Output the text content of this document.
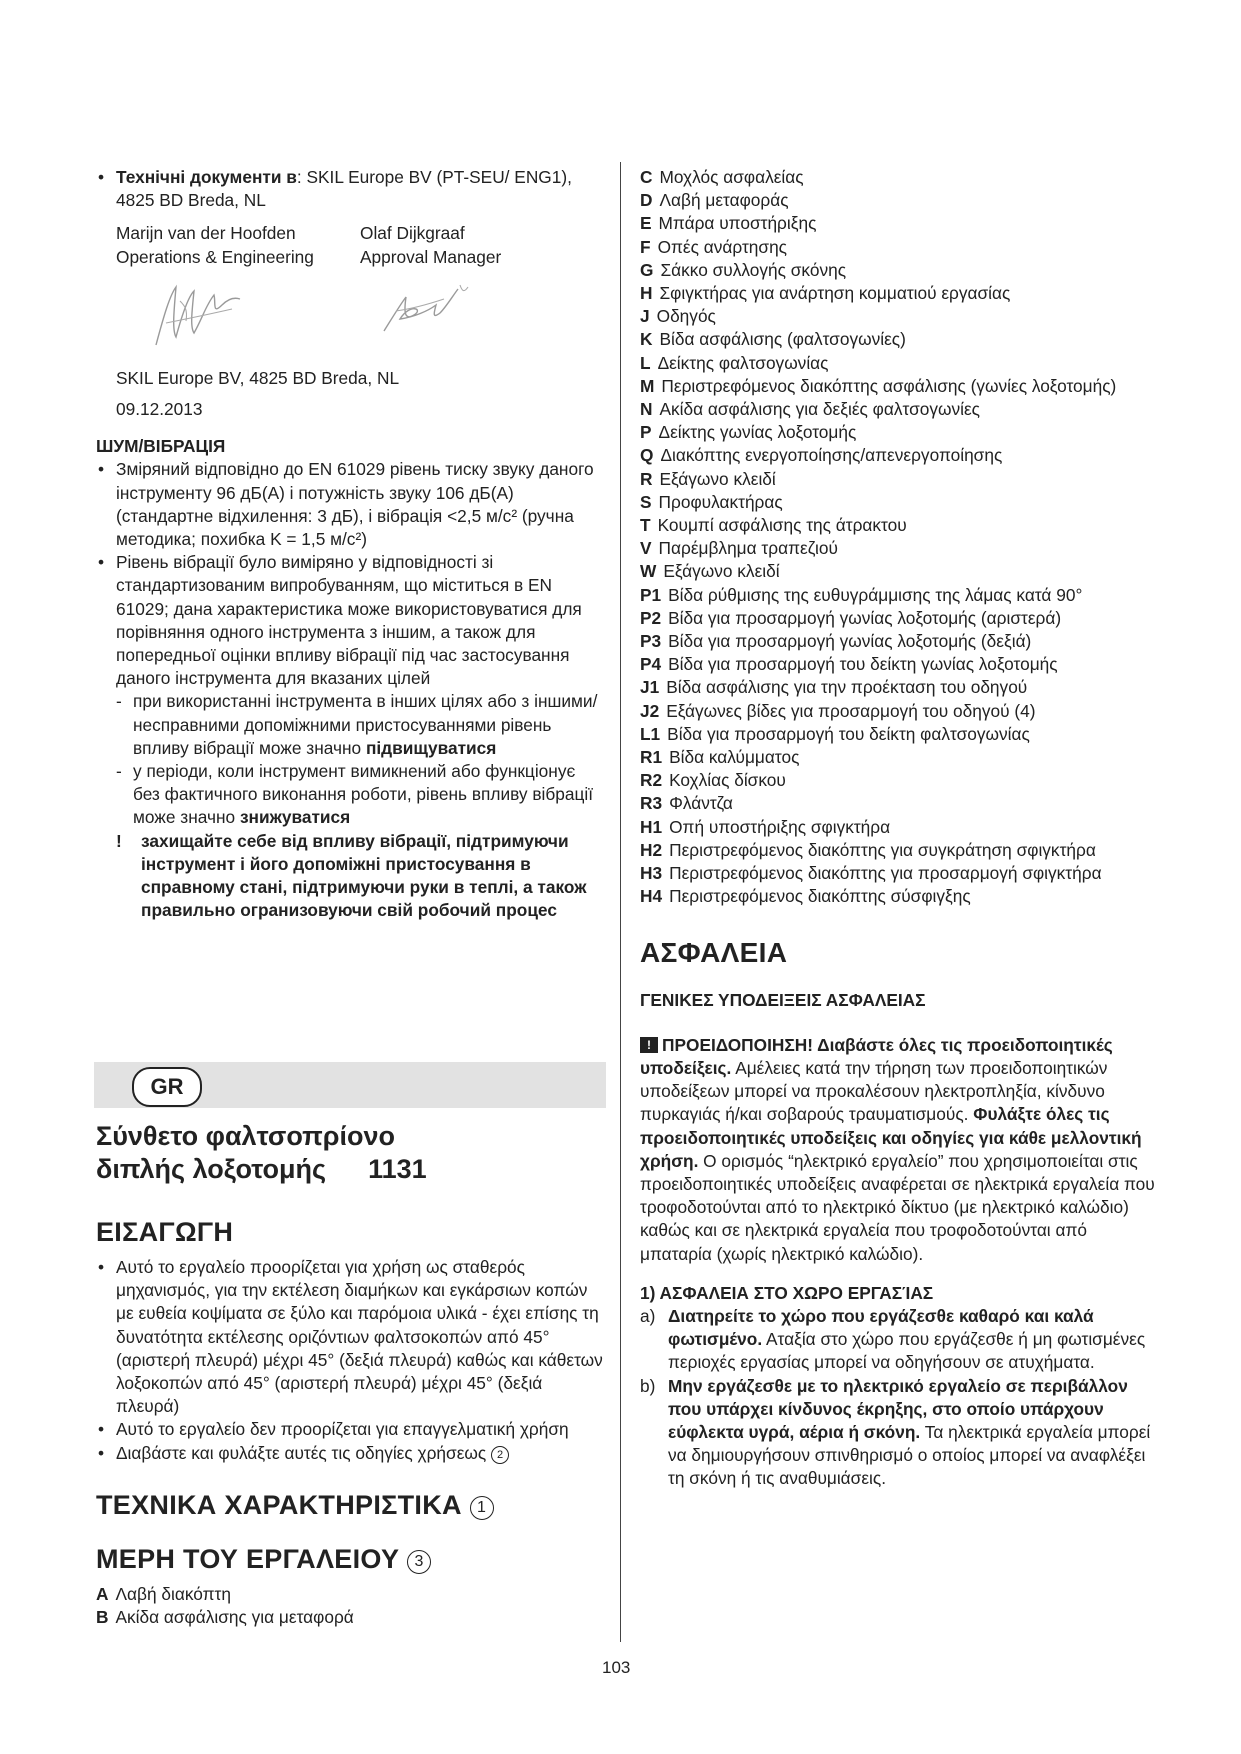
• Технічні документи в: SKIL Europe BV (PT-SEU/ ENG1), 4825 BD Breda, NL
Marijn van der Hoofden
Operations & Engineering
Olaf Dijkgraaf
Approval Manager
SKIL Europe BV, 4825 BD Breda, NL
09.12.2013
ШУМ/ВІБРАЦІЯ
• Зміряний відповідно до EN 61029 рівень тиску звуку даного інструменту 96 дБ(A) і потужність звуку 106 дБ(A) (стандартне відхилення: 3 дБ), і вібрація <2,5 м/с² (ручна методика; похибка K = 1,5 м/с²)
• Рівень вібрації було виміряно у відповідності зі стандартизованим випробуванням, що міститься в EN 61029; дана характеристика може використовуватися для порівняння одного інструмента з іншим, а також для попередньої оцінки впливу вібрації під час застосування даного інструмента для вказаних цілей
- при використанні інструмента в інших цілях або з іншими/несправними допоміжними пристосуваннями рівень впливу вібрації може значно підвищуватися
- у періоди, коли інструмент вимикнений або функціонує без фактичного виконання роботи, рівень впливу вібрації може значно знижуватися
! захищайте себе від впливу вібрації, підтримуючи інструмент і його допоміжні пристосування в справному стані, підтримуючи руки в теплі, а також правильно огранизовуючи свій робочий процес
GR
Σύνθετο φαλτσοπρίονο
διπλής λοξοτομής 1131
ΕΙΣΑΓΩΓΗ
• Αυτό το εργαλείο προορίζεται για χρήση ως σταθερός μηχανισμός, για την εκτέλεση διαμήκων και εγκάρσιων κοπών με ευθεία κοψίματα σε ξύλο και παρόμοια υλικά - έχει επίσης τη δυνατότητα εκτέλεσης οριζόντιων φαλτσοκοπών από 45° (αριστερή πλευρά) μέχρι 45° (δεξιά πλευρά) καθώς και κάθετων λοξοκοπών από 45° (αριστερή πλευρά) μέχρι 45° (δεξιά πλευρά)
• Αυτό το εργαλείο δεν προορίζεται για επαγγελματική χρήση
• Διαβάστε και φυλάξτε αυτές τις οδηγίες χρήσεως 2
ΤΕΧΝΙΚΑ ΧΑΡΑΚΤΗΡΙΣΤΙΚΑ 1
ΜΕΡΗ ΤΟΥ ΕΡΓΑΛΕΙΟΥ 3
A Λαβή διακόπτη
B Ακίδα ασφάλισης για μεταφορά
C Μοχλός ασφαλείας
D Λαβή μεταφοράς
E Μπάρα υποστήριξης
F Οπές ανάρτησης
G Σάκκο συλλογής σκόνης
H Σφιγκτήρας για ανάρτηση κομματιού εργασίας
J Οδηγός
K Βίδα ασφάλισης (φαλτσογωνίες)
L Δείκτης φαλτσογωνίας
M Περιστρεφόμενος διακόπτης ασφάλισης (γωνίες λοξοτομής)
N Ακίδα ασφάλισης για δεξιές φαλτσογωνίες
P Δείκτης γωνίας λοξοτομής
Q Διακόπτης ενεργοποίησης/απενεργοποίησης
R Εξάγωνο κλειδί
S Προφυλακτήρας
T Κουμπί ασφάλισης της άτρακτου
V Παρέμβλημα τραπεζιού
W Εξάγωνο κλειδί
P1 Βίδα ρύθμισης της ευθυγράμμισης της λάμας κατά 90°
P2 Βίδα για προσαρμογή γωνίας λοξοτομής (αριστερά)
P3 Βίδα για προσαρμογή γωνίας λοξοτομής (δεξιά)
P4 Βίδα για προσαρμογή του δείκτη γωνίας λοξοτομής
J1 Βίδα ασφάλισης για την προέκταση του οδηγού
J2 Εξάγωνες βίδες για προσαρμογή του οδηγού (4)
L1 Βίδα για προσαρμογή του δείκτη φαλτσογωνίας
R1 Βίδα καλύμματος
R2 Κοχλίας δίσκου
R3 Φλάντζα
H1 Οπή υποστήριξης σφιγκτήρα
H2 Περιστρεφόμενος διακόπτης για συγκράτηση σφιγκτήρα
H3 Περιστρεφόμενος διακόπτης για προσαρμογή σφιγκτήρα
H4 Περιστρεφόμενος διακόπτης σύσφιγξης
ΑΣΦΑΛΕΙΑ
ΓΕΝΙΚΕΣ ΥΠΟΔΕΙΞΕΙΣ ΑΣΦΑΛΕΙΑΣ
! ΠΡΟΕΙΔΟΠΟΙΗΣΗ! Διαβάστε όλες τις προειδοποιητικές υποδείξεις. Αμέλειες κατά την τήρηση των προειδοποιητικών υποδείξεων μπορεί να προκαλέσουν ηλεκτροπληξία, κίνδυνο πυρκαγιάς ή/και σοβαρούς τραυματισμούς. Φυλάξτε όλες τις προειδοποιητικές υποδείξεις και οδηγίες για κάθε μελλοντική χρήση. Ο ορισμός “ηλεκτρικό εργαλείο” που χρησιμοποιείται στις προειδοποιητικές υποδείξεις αναφέρεται σε ηλεκτρικά εργαλεία που τροφοδοτούνται από το ηλεκτρικό δίκτυο (με ηλεκτρικό καλώδιο) καθώς και σε ηλεκτρικά εργαλεία που τροφοδοτούνται από μπαταρία (χωρίς ηλεκτρικό καλώδιο).
1) ΑΣΦΑΛΕΙΑ ΣΤΟ ΧΩΡΟ ΕΡΓΑΣΊΑΣ
a) Διατηρείτε το χώρο που εργάζεσθε καθαρό και καλά φωτισμένο. Αταξία στο χώρο που εργάζεσθε ή μη φωτισμένες περιοχές εργασίας μπορεί να οδηγήσουν σε ατυχήματα.
b) Μην εργάζεσθε με το ηλεκτρικό εργαλείο σε περιβάλλον που υπάρχει κίνδυνος έκρηξης, στο οποίο υπάρχουν εύφλεκτα υγρά, αέρια ή σκόνη. Τα ηλεκτρικά εργαλεία μπορεί να δημιουργήσουν σπινθηρισμό ο οποίος μπορεί να αναφλέξει τη σκόνη ή τις αναθυμιάσεις.
103
